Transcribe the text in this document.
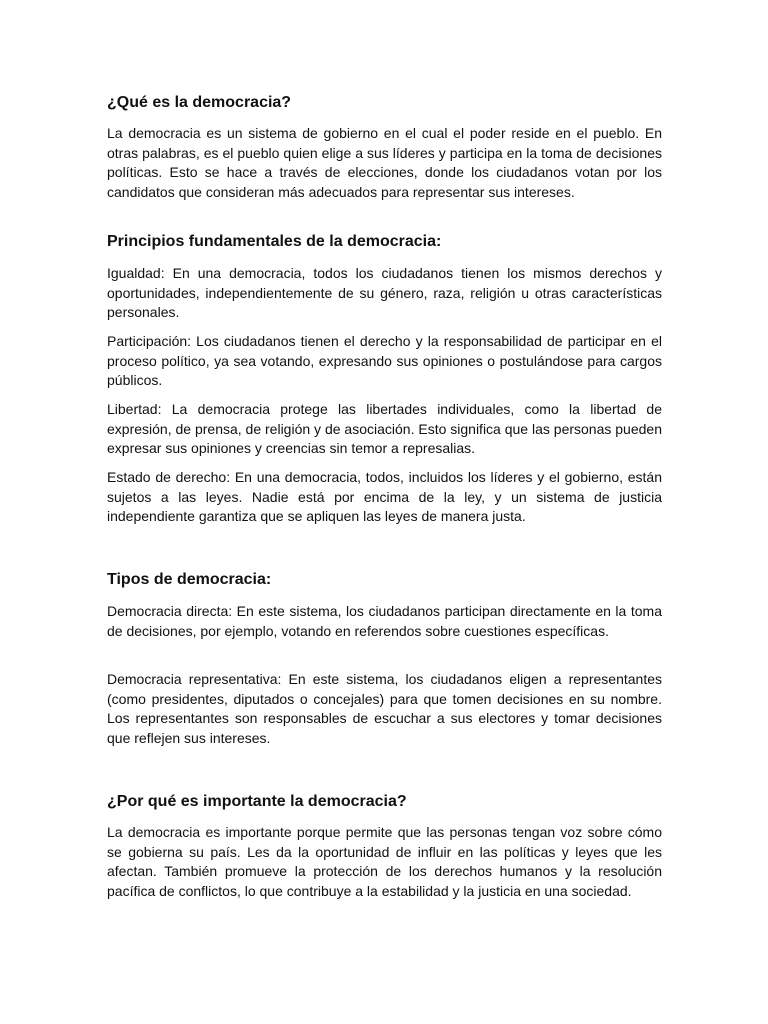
¿Qué es la democracia?

La democracia es un sistema de gobierno en el cual el poder reside en el pueblo. En otras palabras, es el pueblo quien elige a sus líderes y participa en la toma de decisiones políticas. Esto se hace a través de elecciones, donde los ciudadanos votan por los candidatos que consideran más adecuados para representar sus intereses.

Principios fundamentales de la democracia:

Igualdad: En una democracia, todos los ciudadanos tienen los mismos derechos y oportunidades, independientemente de su género, raza, religión u otras características personales.

Participación: Los ciudadanos tienen el derecho y la responsabilidad de participar en el proceso político, ya sea votando, expresando sus opiniones o postulándose para cargos públicos.

Libertad: La democracia protege las libertades individuales, como la libertad de expresión, de prensa, de religión y de asociación. Esto significa que las personas pueden expresar sus opiniones y creencias sin temor a represalias.

Estado de derecho: En una democracia, todos, incluidos los líderes y el gobierno, están sujetos a las leyes. Nadie está por encima de la ley, y un sistema de justicia independiente garantiza que se apliquen las leyes de manera justa.

Tipos de democracia:

Democracia directa: En este sistema, los ciudadanos participan directamente en la toma de decisiones, por ejemplo, votando en referendos sobre cuestiones específicas.

Democracia representativa: En este sistema, los ciudadanos eligen a representantes (como presidentes, diputados o concejales) para que tomen decisiones en su nombre. Los representantes son responsables de escuchar a sus electores y tomar decisiones que reflejen sus intereses.

¿Por qué es importante la democracia?

La democracia es importante porque permite que las personas tengan voz sobre cómo se gobierna su país. Les da la oportunidad de influir en las políticas y leyes que les afectan. También promueve la protección de los derechos humanos y la resolución pacífica de conflictos, lo que contribuye a la estabilidad y la justicia en una sociedad.
